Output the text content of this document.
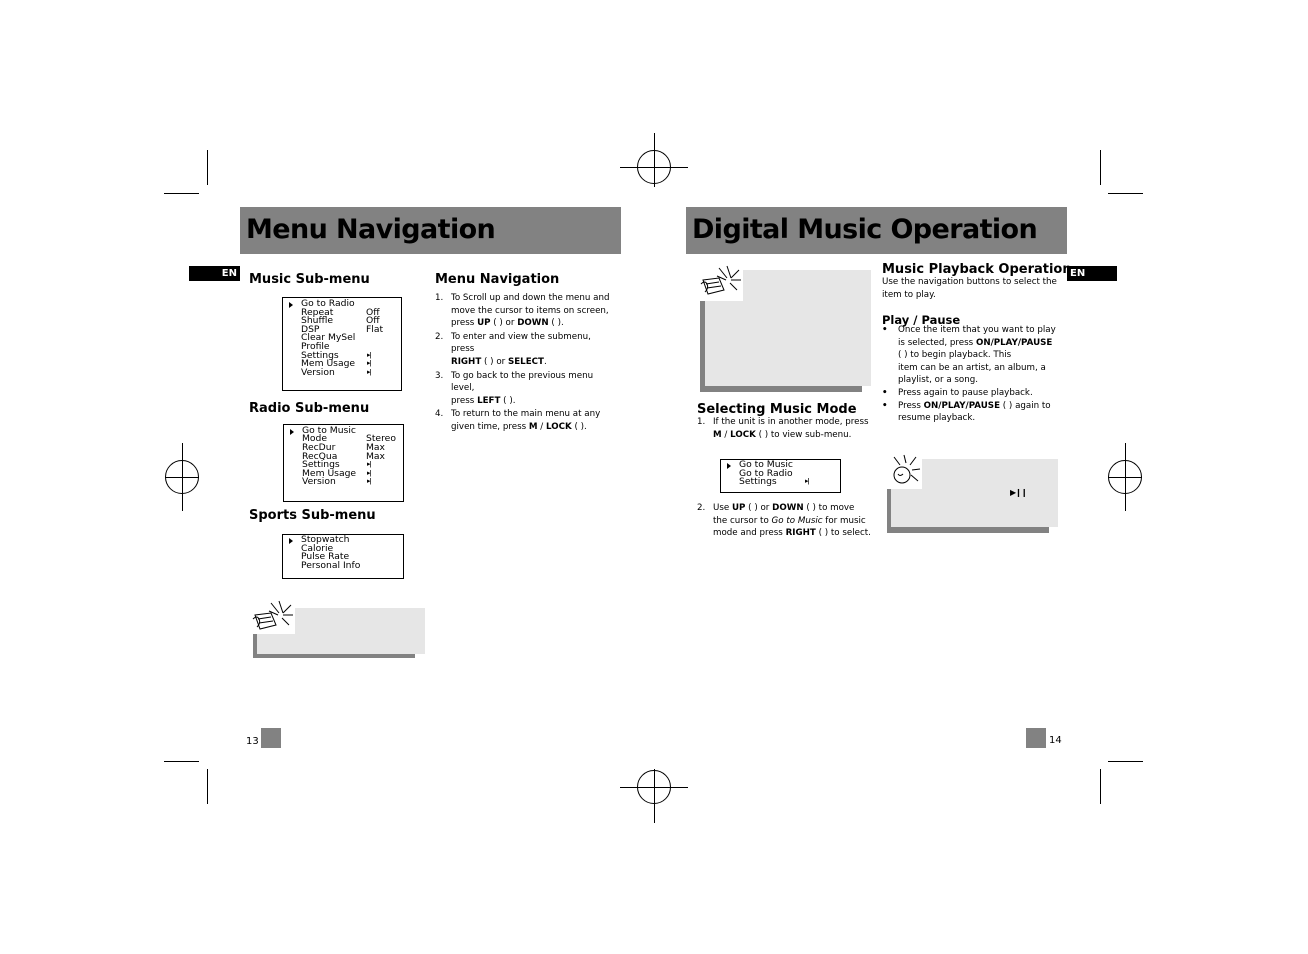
Menu Navigation
EN Music Sub-menu
Go to Radio
Repeat
Shuffle
DSP
Clear MySel
Profile
Settings
Mem Usage
Version
Off
Off
Flat
▸ǀ
▸ǀ
▸ǀ
Radio Sub-menu
Go to Music
Mode
RecDur
RecQua
Settings
Mem Usage
Version
Stereo
Max
Max
▸ǀ
▸ǀ
▸ǀ
Sports Sub-menu
Stopwatch
Calorie
Pulse Rate
Personal Info
Menu Navigation
1. To Scroll up and down the menu and
move the cursor to items on screen,
press UP ( ) or DOWN ( ).
2. To enter and view the submenu, press
RIGHT ( ) or SELECT.
3. To go back to the previous menu level,
press LEFT ( ).
4. To return to the main menu at any
given time, press M / LOCK ( ).
13
Digital Music Operation
EN
Selecting Music Mode
1. If the unit is in another mode, press
M / LOCK ( ) to view sub-menu.
Go to Music
Go to Radio
Settings	▸ǀ
2. Use UP ( ) or DOWN ( ) to move
the cursor to Go to Music for music
mode and press RIGHT ( ) to select.
Music Playback Operation
Use the navigation buttons to select the
item to play.
Play / Pause
• Once the item that you want to play
is selected, press ON/PLAY/PAUSE
( ) to begin playback. This
item can be an artist, an album, a
playlist, or a song.
• Press again to pause playback.
• Press ON/PLAY/PAUSE ( ) again to
resume playback.
▶❙❙
14
